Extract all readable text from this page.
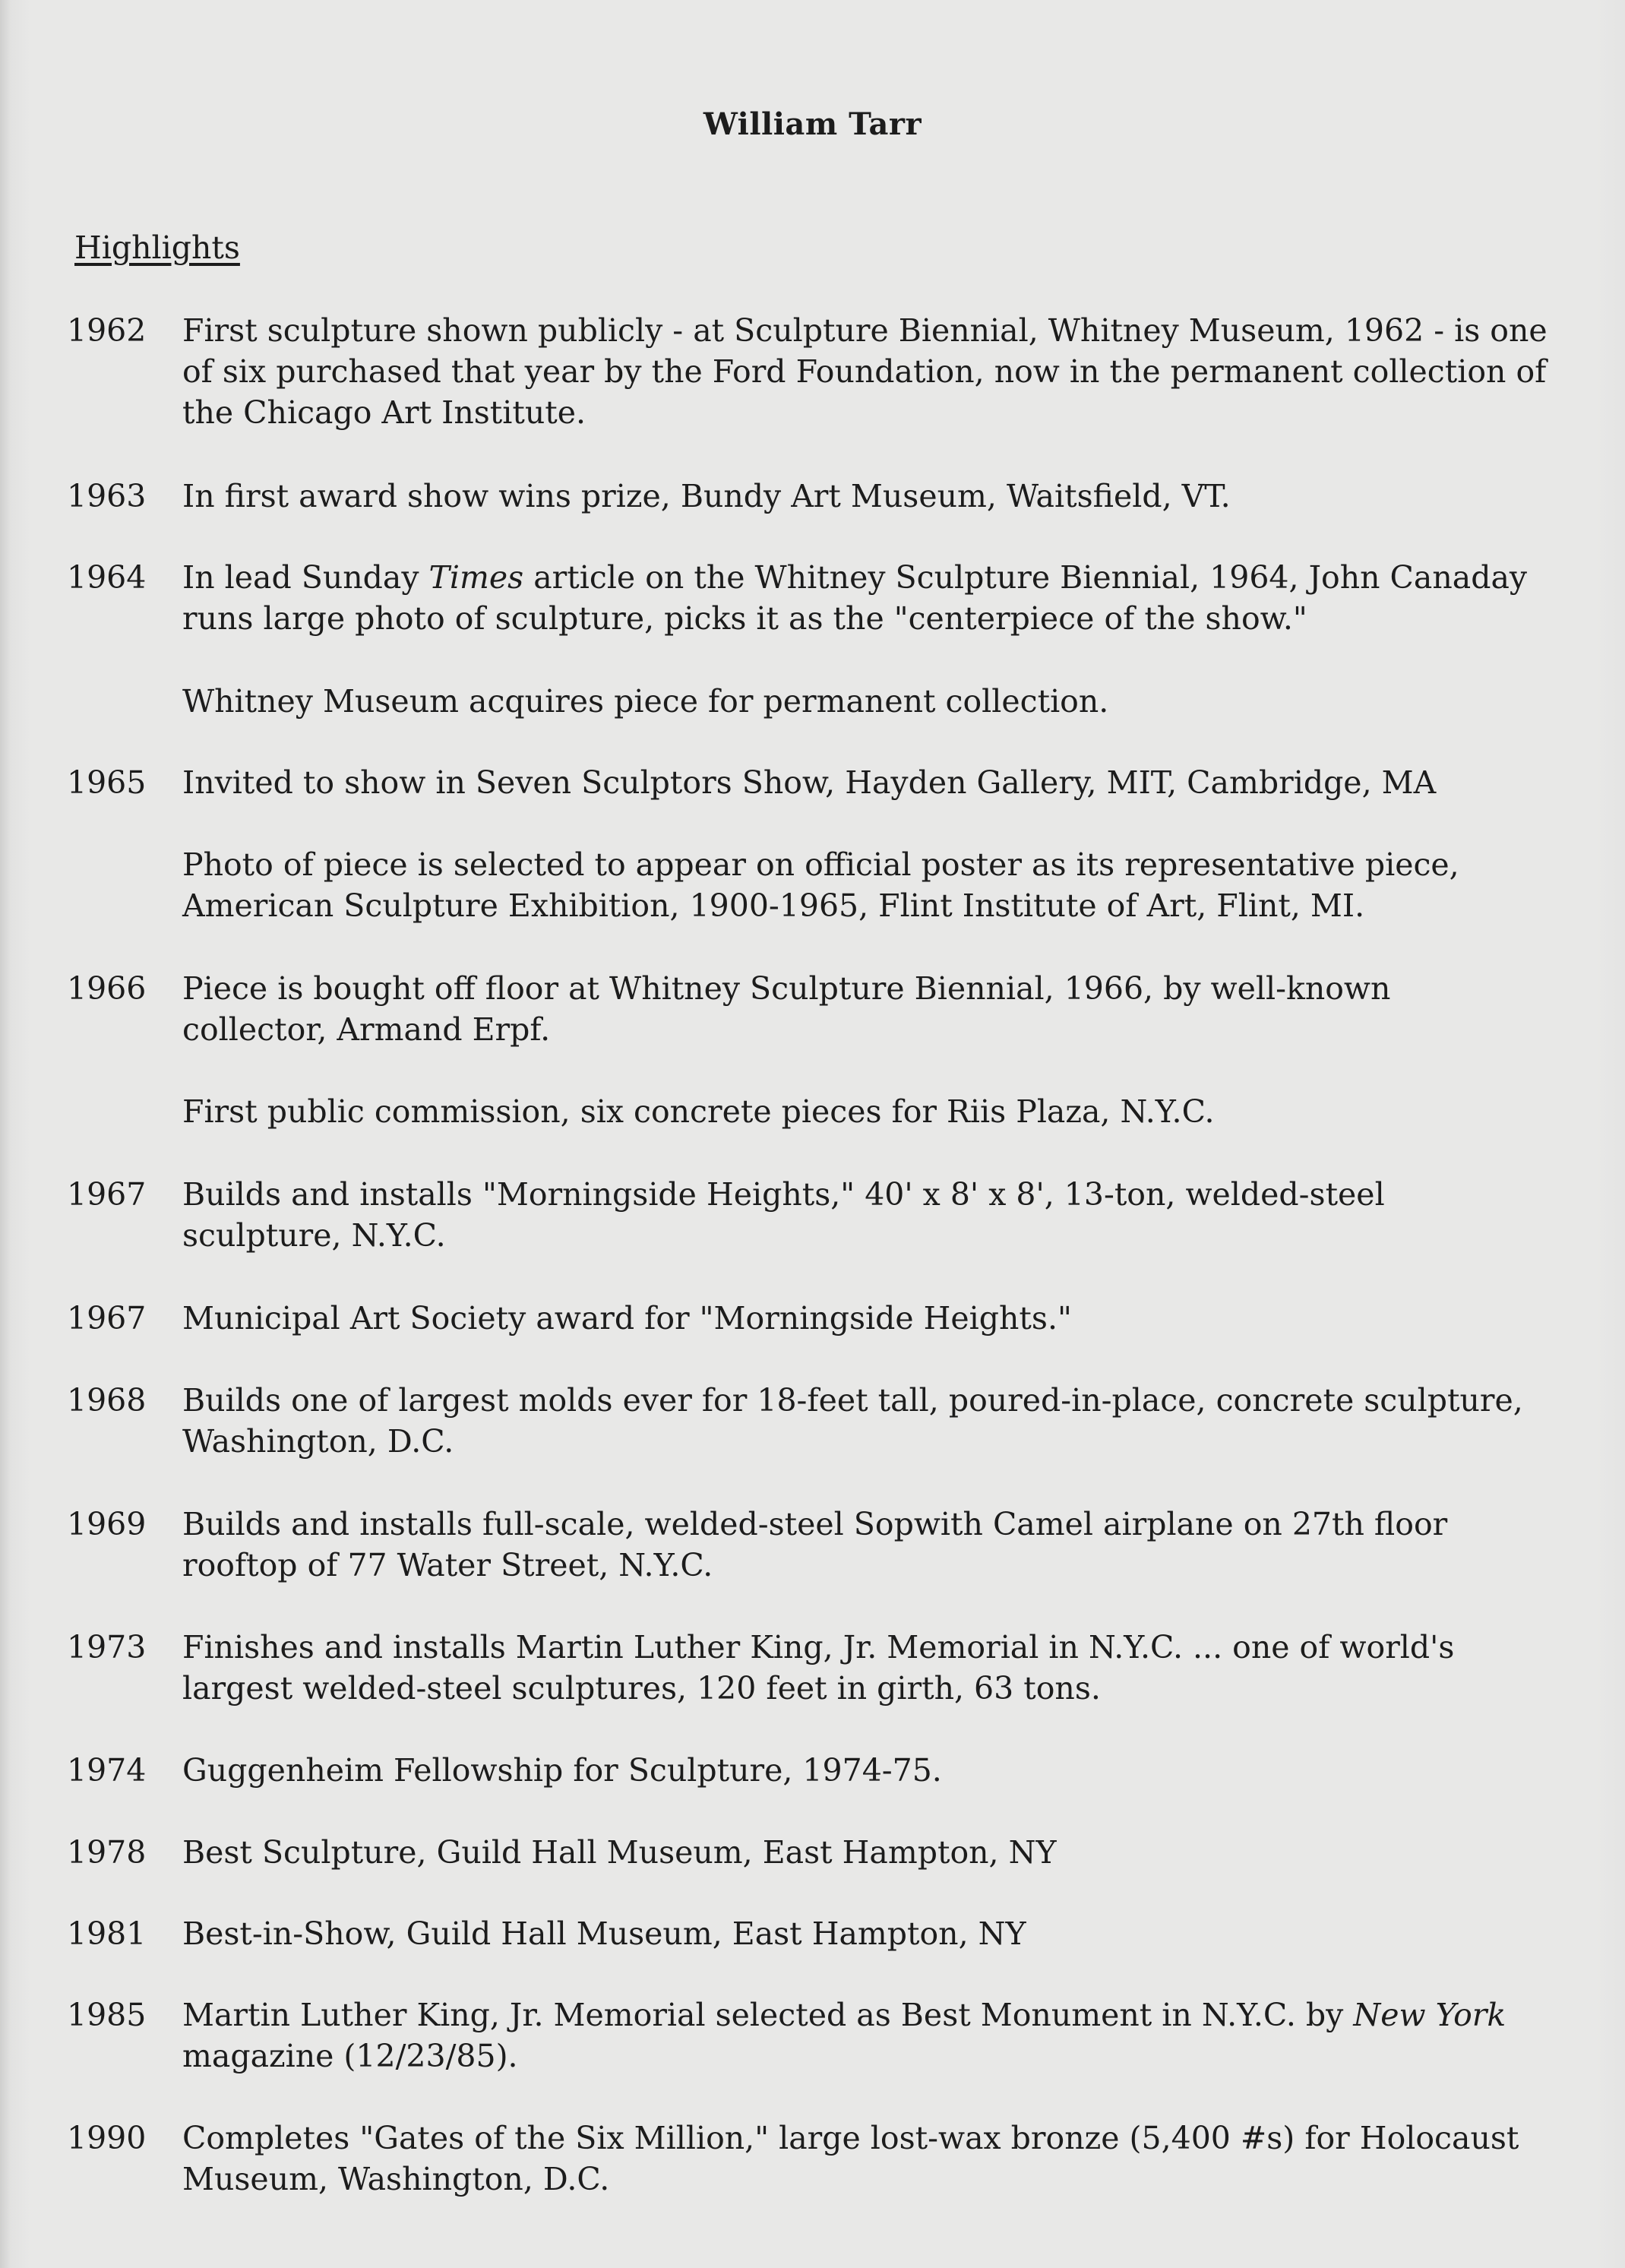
William Tarr
Highlights
1962	First sculpture shown publicly - at Sculpture Biennial, Whitney Museum, 1962 - is one of six purchased that year by the Ford Foundation, now in the permanent collection of the Chicago Art Institute.
1963	In first award show wins prize, Bundy Art Museum, Waitsfield, VT.
1964	In lead Sunday Times article on the Whitney Sculpture Biennial, 1964, John Canaday runs large photo of sculpture, picks it as the "centerpiece of the show."
Whitney Museum acquires piece for permanent collection.
1965	Invited to show in Seven Sculptors Show, Hayden Gallery, MIT, Cambridge, MA
Photo of piece is selected to appear on official poster as its representative piece, American Sculpture Exhibition, 1900-1965, Flint Institute of Art, Flint, MI.
1966	Piece is bought off floor at Whitney Sculpture Biennial, 1966, by well-known collector, Armand Erpf.
First public commission, six concrete pieces for Riis Plaza, N.Y.C.
1967	Builds and installs "Morningside Heights," 40' x 8' x 8', 13-ton, welded-steel sculpture, N.Y.C.
1967	Municipal Art Society award for "Morningside Heights."
1968	Builds one of largest molds ever for 18-feet tall, poured-in-place, concrete sculpture, Washington, D.C.
1969	Builds and installs full-scale, welded-steel Sopwith Camel airplane on 27th floor rooftop of 77 Water Street, N.Y.C.
1973	Finishes and installs Martin Luther King, Jr. Memorial in N.Y.C. ... one of world's largest welded-steel sculptures, 120 feet in girth, 63 tons.
1974	Guggenheim Fellowship for Sculpture, 1974-75.
1978	Best Sculpture, Guild Hall Museum, East Hampton, NY
1981	Best-in-Show, Guild Hall Museum, East Hampton, NY
1985	Martin Luther King, Jr. Memorial selected as Best Monument in N.Y.C. by New York magazine (12/23/85).
1990	Completes "Gates of the Six Million," large lost-wax bronze (5,400 #s) for Holocaust Museum, Washington, D.C.
